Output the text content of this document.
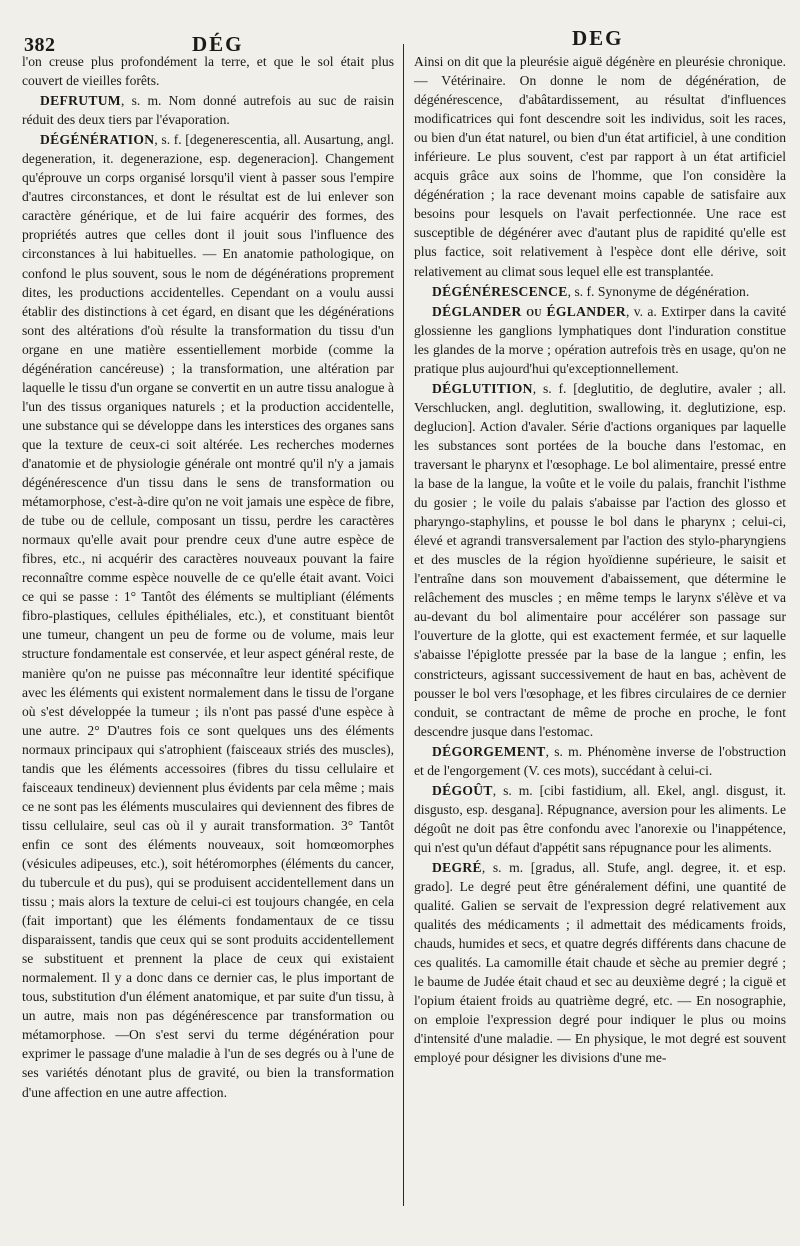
382	DÉG	DEG

l'on creuse plus profondément la terre, et que le sol était plus couvert de vieilles forêts.

DEFRUTUM, s. m. Nom donné autrefois au suc de raisin réduit des deux tiers par l'évaporation.

DÉGÉNÉRATION, s. f. [degenerescentia, all. Ausartung, angl. degeneration, it. degenerazione, esp. degeneracion]. Changement qu'éprouve un corps organisé lorsqu'il vient à passer sous l'empire d'autres circonstances, et dont le résultat est de lui enlever son caractère générique, et de lui faire acquérir des formes, des propriétés autres que celles dont il jouit sous l'influence des circonstances à lui habituelles. — En anatomie pathologique, on confond le plus souvent, sous le nom de dégénérations proprement dites, les productions accidentelles. Cependant on a voulu aussi établir des distinctions à cet égard, en disant que les dégénérations sont des altérations d'où résulte la transformation du tissu d'un organe en une matière essentiellement morbide (comme la dégénération cancéreuse) ; la transformation, une altération par laquelle le tissu d'un organe se convertit en un autre tissu analogue à l'un des tissus organiques naturels ; et la production accidentelle, une substance qui se développe dans les interstices des organes sans que la texture de ceux-ci soit altérée. Les recherches modernes d'anatomie et de physiologie générale ont montré qu'il n'y a jamais dégénérescence d'un tissu dans le sens de transformation ou métamorphose, c'est-à-dire qu'on ne voit jamais une espèce de fibre, de tube ou de cellule, composant un tissu, perdre les caractères normaux qu'elle avait pour prendre ceux d'une autre espèce de fibres, etc., ni acquérir des caractères nouveaux pouvant la faire reconnaître comme espèce nouvelle de ce qu'elle était avant. Voici ce qui se passe : 1° Tantôt des éléments se multipliant (éléments fibro-plastiques, cellules épithéliales, etc.), et constituant bientôt une tumeur, changent un peu de forme ou de volume, mais leur structure fondamentale est conservée, et leur aspect général reste, de manière qu'on ne puisse pas méconnaître leur identité spécifique avec les éléments qui existent normalement dans le tissu de l'organe où s'est développée la tumeur ; ils n'ont pas passé d'une espèce à une autre. 2° D'autres fois ce sont quelques uns des éléments normaux principaux qui s'atrophient (faisceaux striés des muscles), tandis que les éléments accessoires (fibres du tissu cellulaire et faisceaux tendineux) deviennent plus évidents par cela même ; mais ce ne sont pas les éléments musculaires qui deviennent des fibres de tissu cellulaire, seul cas où il y aurait transformation. 3° Tantôt enfin ce sont des éléments nouveaux, soit homœomorphes (vésicules adipeuses, etc.), soit hétéromorphes (éléments du cancer, du tubercule et du pus), qui se produisent accidentellement dans un tissu ; mais alors la texture de celui-ci est toujours changée, en cela (fait important) que les éléments fondamentaux de ce tissu disparaissent, tandis que ceux qui se sont produits accidentellement se substituent et prennent la place de ceux qui existaient normalement. Il y a donc dans ce dernier cas, le plus important de tous, substitution d'un élément anatomique, et par suite d'un tissu, à un autre, mais non pas dégénérescence par transformation ou métamorphose. —On s'est servi du terme dégénération pour exprimer le passage d'une maladie à l'un de ses degrés ou à l'une de ses variétés dénotant plus de gravité, ou bien la transformation d'une affection en une autre affection.

Ainsi on dit que la pleurésie aiguë dégénère en pleurésie chronique. — Vétérinaire. On donne le nom de dégénération, de dégénérescence, d'abâtardissement, au résultat d'influences modificatrices qui font descendre soit les individus, soit les races, ou bien d'un état naturel, ou bien d'un état artificiel, à une condition inférieure. Le plus souvent, c'est par rapport à un état artificiel acquis grâce aux soins de l'homme, que l'on considère la dégénération ; la race devenant moins capable de satisfaire aux besoins pour lesquels on l'avait perfectionnée. Une race est susceptible de dégénérer avec d'autant plus de rapidité qu'elle est plus factice, soit relativement à l'espèce dont elle dérive, soit relativement au climat sous lequel elle est transplantée.

DÉGÉNÉRESCENCE, s. f. Synonyme de dégénération.

DÉGLANDER ou ÉGLANDER, v. a. Extirper dans la cavité glossienne les ganglions lymphatiques dont l'induration constitue les glandes de la morve ; opération autrefois très en usage, qu'on ne pratique plus aujourd'hui qu'exceptionnellement.

DÉGLUTITION, s. f. [deglutitio, de deglutire, avaler ; all. Verschlucken, angl. deglutition, swallowing, it. deglutizione, esp. deglucion]. Action d'avaler. Série d'actions organiques par laquelle les substances sont portées de la bouche dans l'estomac, en traversant le pharynx et l'œsophage. Le bol alimentaire, pressé entre la base de la langue, la voûte et le voile du palais, franchit l'isthme du gosier ; le voile du palais s'abaisse par l'action des glosso et pharyngo-staphylins, et pousse le bol dans le pharynx ; celui-ci, élevé et agrandi transversalement par l'action des stylo-pharyngiens et des muscles de la région hyoïdienne supérieure, le saisit et l'entraîne dans son mouvement d'abaissement, que détermine le relâchement des muscles ; en même temps le larynx s'élève et va au-devant du bol alimentaire pour accélérer son passage sur l'ouverture de la glotte, qui est exactement fermée, et sur laquelle s'abaisse l'épiglotte pressée par la base de la langue ; enfin, les constricteurs, agissant successivement de haut en bas, achèvent de pousser le bol vers l'œsophage, et les fibres circulaires de ce dernier conduit, se contractant de même de proche en proche, le font descendre jusque dans l'estomac.

DÉGORGEMENT, s. m. Phénomène inverse de l'obstruction et de l'engorgement (V. ces mots), succédant à celui-ci.

DÉGOÛT, s. m. [cibi fastidium, all. Ekel, angl. disgust, it. disgusto, esp. desgana]. Répugnance, aversion pour les aliments. Le dégoût ne doit pas être confondu avec l'anorexie ou l'inappétence, qui n'est qu'un défaut d'appétit sans répugnance pour les aliments.

DEGRÉ, s. m. [gradus, all. Stufe, angl. degree, it. et esp. grado]. Le degré peut être généralement défini, une quantité de qualité. Galien se servait de l'expression degré relativement aux qualités des médicaments ; il admettait des médicaments froids, chauds, humides et secs, et quatre degrés différents dans chacune de ces qualités. La camomille était chaude et sèche au premier degré ; le baume de Judée était chaud et sec au deuxième degré ; la ciguë et l'opium étaient froids au quatrième degré, etc. — En nosographie, on emploie l'expression degré pour indiquer le plus ou moins d'intensité d'une maladie. — En physique, le mot degré est souvent employé pour désigner les divisions d'une me-
